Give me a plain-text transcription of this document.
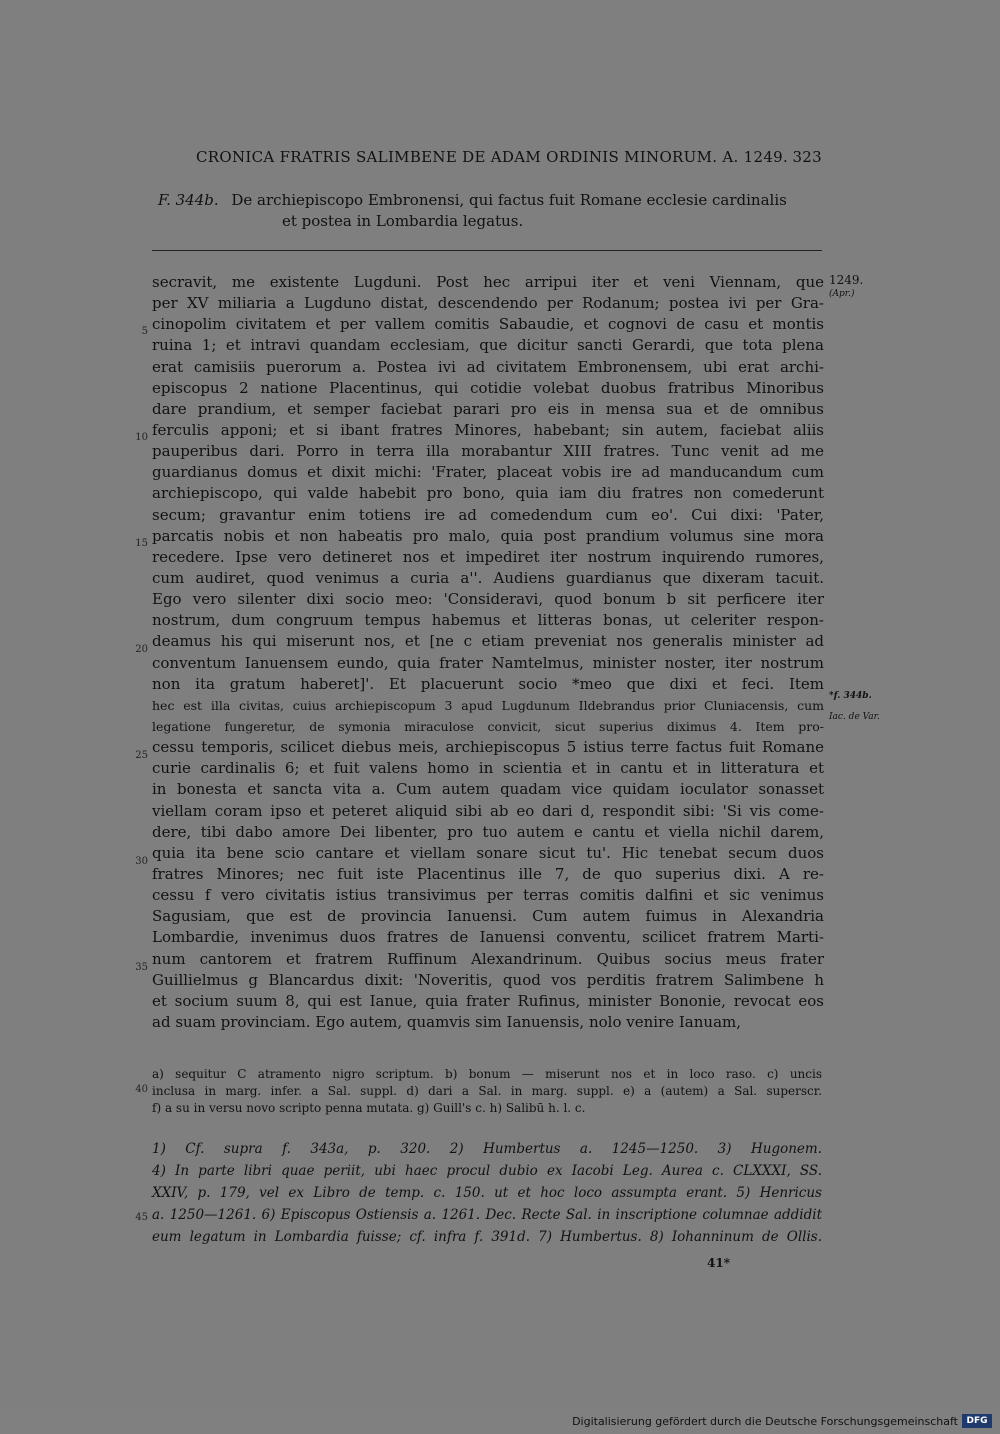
CRONICA FRATRIS SALIMBENE DE ADAM ORDINIS MINORUM. A. 1249. 323
F. 344b. De archiepiscopo Embronensi, qui factus fuit Romane ecclesie cardinalis
et postea in Lombardia legatus.
secravit, me existente Lugduni. Post hec arripui iter et veni Viennam, que
per XV miliaria a Lugduno distat, descendendo per Rodanum; postea ivi per Gra-
cinopolim civitatem et per vallem comitis Sabaudie, et cognovi de casu et montis
ruina 1; et intravi quandam ecclesiam, que dicitur sancti Gerardi, que tota plena
erat camisiis puerorum a. Postea ivi ad civitatem Embronensem, ubi erat archi-
episcopus 2 natione Placentinus, qui cotidie volebat duobus fratribus Minoribus
dare prandium, et semper faciebat parari pro eis in mensa sua et de omnibus
ferculis apponi; et si ibant fratres Minores, habebant; sin autem, faciebat aliis
pauperibus dari. Porro in terra illa morabantur XIII fratres. Tunc venit ad me
guardianus domus et dixit michi: 'Frater, placeat vobis ire ad manducandum cum
archiepiscopo, qui valde habebit pro bono, quia iam diu fratres non comederunt
secum; gravantur enim totiens ire ad comedendum cum eo'. Cui dixi: 'Pater,
parcatis nobis et non habeatis pro malo, quia post prandium volumus sine mora
recedere. Ipse vero detineret nos et impediret iter nostrum inquirendo rumores,
cum audiret, quod venimus a curia a''. Audiens guardianus que dixeram tacuit.
Ego vero silenter dixi socio meo: 'Consideravi, quod bonum b sit perficere iter
nostrum, dum congruum tempus habemus et litteras bonas, ut celeriter respon-
deamus his qui miserunt nos, et [ne c etiam preveniat nos generalis minister ad
conventum Ianuensem eundo, quia frater Namtelmus, minister noster, iter nostrum
non ita gratum haberet]'. Et placuerunt socio *meo que dixi et feci. Item
hec est illa civitas, cuius archiepiscopum 3 apud Lugdunum Ildebrandus prior Cluniacensis, cum
legatione fungeretur, de symonia miraculose convicit, sicut superius diximus 4. Item pro-
cessu temporis, scilicet diebus meis, archiepiscopus 5 istius terre factus fuit Romane
curie cardinalis 6; et fuit valens homo in scientia et in cantu et in litteratura et
in bonesta et sancta vita a. Cum autem quadam vice quidam ioculator sonasset
viellam coram ipso et peteret aliquid sibi ab eo dari d, respondit sibi: 'Si vis come-
dere, tibi dabo amore Dei libenter, pro tuo autem e cantu et viella nichil darem,
quia ita bene scio cantare et viellam sonare sicut tu'. Hic tenebat secum duos
fratres Minores; nec fuit iste Placentinus ille 7, de quo superius dixi. A re-
cessu f vero civitatis istius transivimus per terras comitis dalfini et sic venimus
Sagusiam, que est de provincia Ianuensi. Cum autem fuimus in Alexandria
Lombardie, invenimus duos fratres de Ianuensi conventu, scilicet fratrem Marti-
num cantorem et fratrem Ruffinum Alexandrinum. Quibus socius meus frater
Guillielmus g Blancardus dixit: 'Noveritis, quod vos perditis fratrem Salimbene h
et socium suum 8, qui est Ianue, quia frater Rufinus, minister Bononie, revocat eos
ad suam provinciam. Ego autem, quamvis sim Ianuensis, nolo venire Ianuam,
1249.
(Apr.)
*f. 344b.
Iac. de Var.
5
10
15
20
25
30
35
40
45
a) sequitur C atramento nigro scriptum. b) bonum — miserunt nos et in loco raso. c) uncis
inclusa in marg. infer. a Sal. suppl. d) dari a Sal. in marg. suppl. e) a (autem) a Sal. superscr.
f) a su in versu novo scripto penna mutata. g) Guill's c. h) Salibū h. l. c.
1) Cf. supra f. 343a, p. 320. 2) Humbertus a. 1245—1250. 3) Hugonem.
4) In parte libri quae periit, ubi haec procul dubio ex Iacobi Leg. Aurea c. CLXXXI, SS.
XXIV, p. 179, vel ex Libro de temp. c. 150. ut et hoc loco assumpta erant. 5) Henricus
a. 1250—1261. 6) Episcopus Ostiensis a. 1261. Dec. Recte Sal. in inscriptione columnae addidit
eum legatum in Lombardia fuisse; cf. infra f. 391d. 7) Humbertus. 8) Iohanninum de Ollis.
41*
Digitalisierung gefördert durch die Deutsche Forschungsgemeinschaft DFG
